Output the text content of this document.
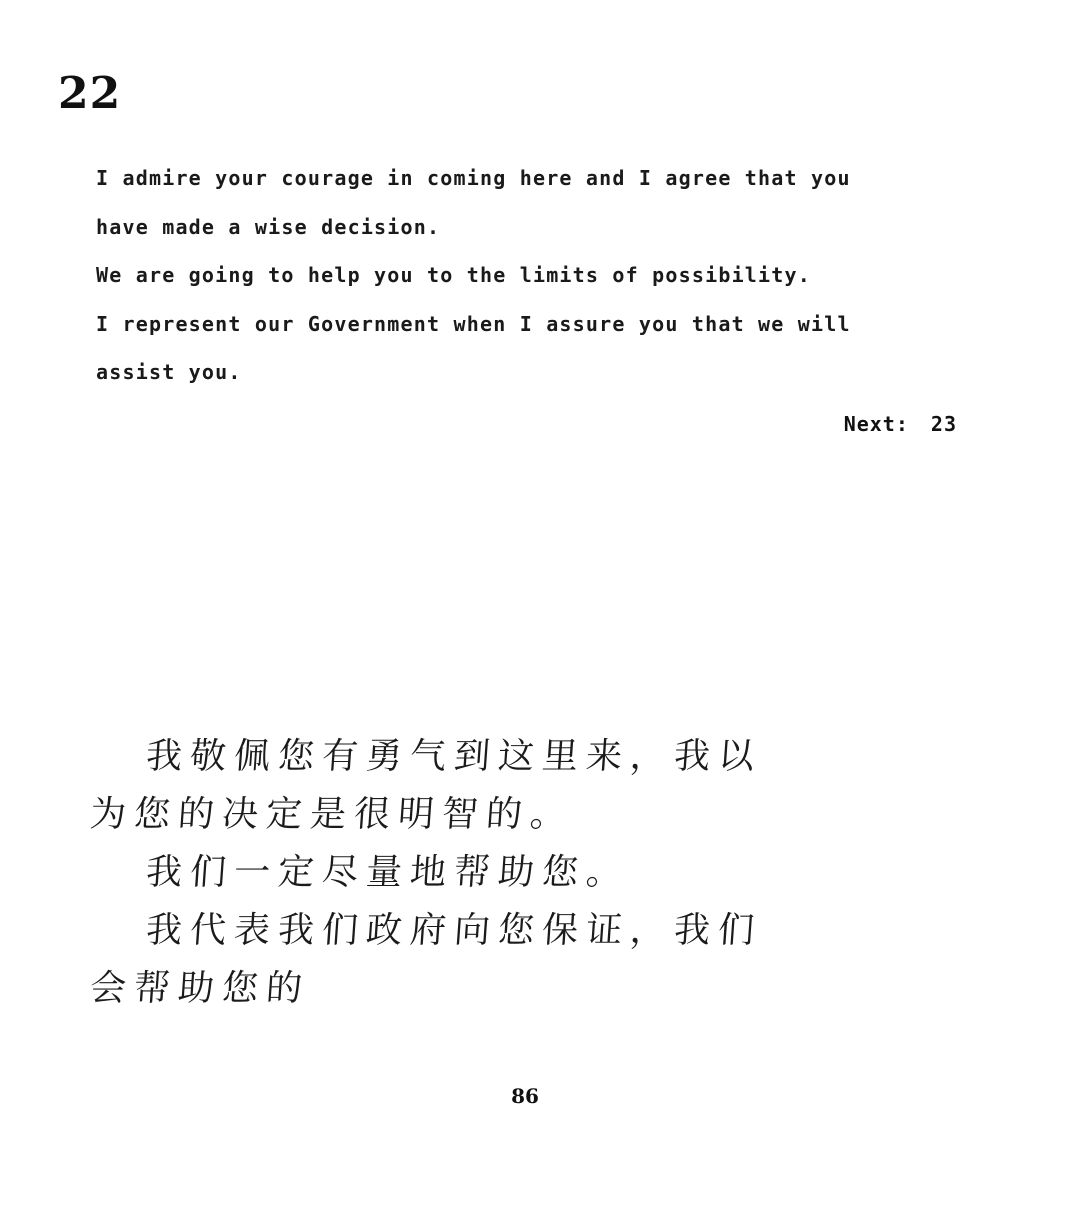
22
I admire your courage in coming here and I agree that you
have made a wise decision.
We are going to help you to the limits of possibility.
I represent our Government when I assure you that we will
assist you.
Next: 23
我敬佩您有勇气到这里来，我以
为您的决定是很明智的。
我们一定尽量地帮助您。
我代表我们政府向您保证，我们
会帮助您的
86
